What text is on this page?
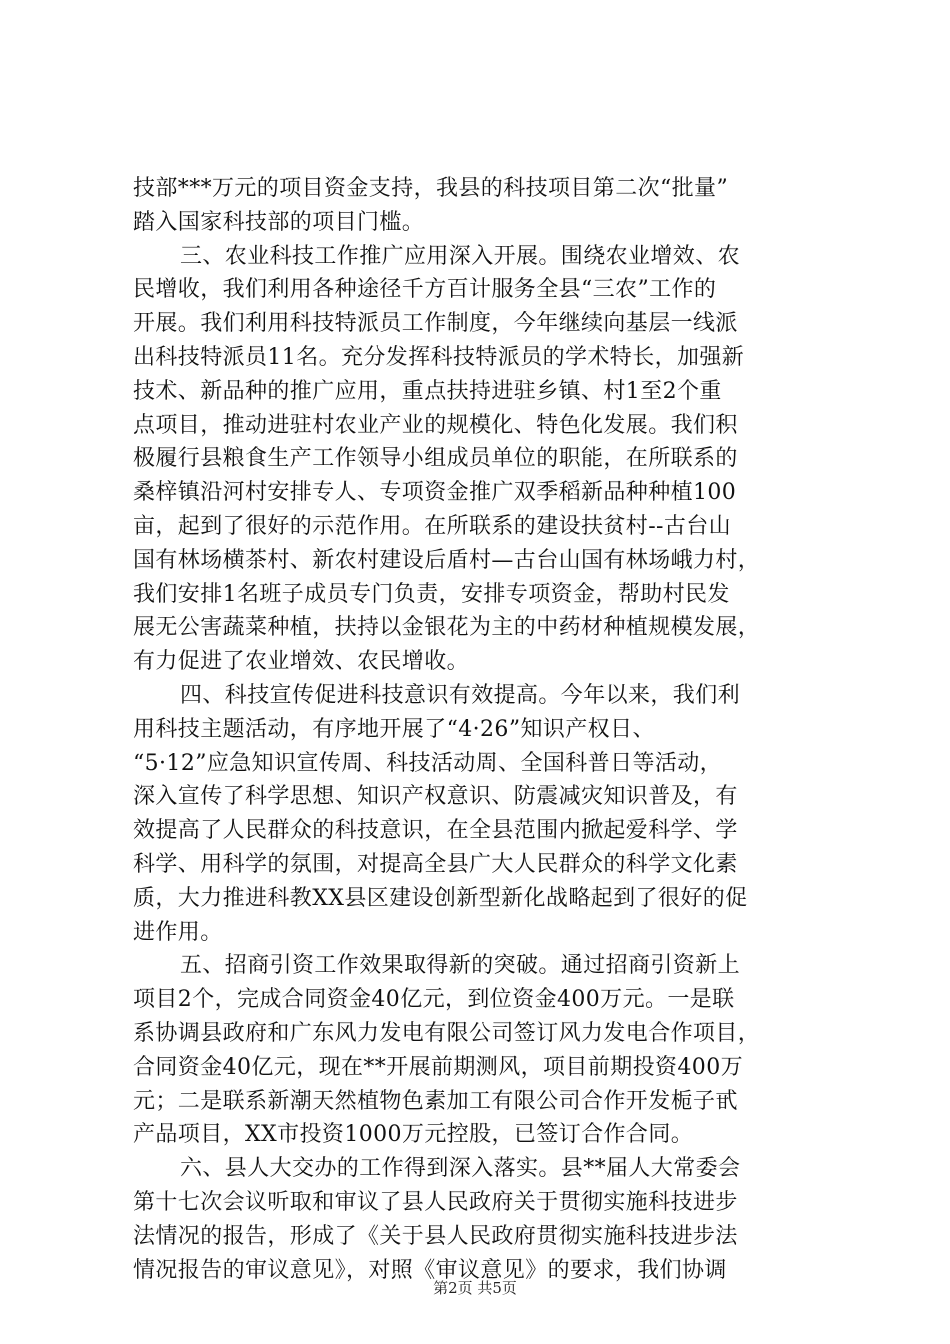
技部***万元的项目资金支持，我县的科技项目第二次“批量”
踏入国家科技部的项目门槛。
三、农业科技工作推广应用深入开展。围绕农业增效、农
民增收，我们利用各种途径千方百计服务全县“三农”工作的
开展。我们利用科技特派员工作制度，今年继续向基层一线派
出科技特派员11名。充分发挥科技特派员的学术特长，加强新
技术、新品种的推广应用，重点扶持进驻乡镇、村1至2个重
点项目，推动进驻村农业产业的规模化、特色化发展。我们积
极履行县粮食生产工作领导小组成员单位的职能，在所联系的
桑梓镇沿河村安排专人、专项资金推广双季稻新品种种植100
亩，起到了很好的示范作用。在所联系的建设扶贫村--古台山
国有林场横茶村、新农村建设后盾村—古台山国有林场峨力村，
我们安排1名班子成员专门负责，安排专项资金，帮助村民发
展无公害蔬菜种植，扶持以金银花为主的中药材种植规模发展，
有力促进了农业增效、农民增收。
四、科技宣传促进科技意识有效提高。今年以来，我们利
用科技主题活动，有序地开展了“4·26”知识产权日、
“5·12”应急知识宣传周、科技活动周、全国科普日等活动，
深入宣传了科学思想、知识产权意识、防震减灾知识普及，有
效提高了人民群众的科技意识，在全县范围内掀起爱科学、学
科学、用科学的氛围，对提高全县广大人民群众的科学文化素
质，大力推进科教XX县区建设创新型新化战略起到了很好的促
进作用。
五、招商引资工作效果取得新的突破。通过招商引资新上
项目2个，完成合同资金40亿元，到位资金400万元。一是联
系协调县政府和广东风力发电有限公司签订风力发电合作项目，
合同资金40亿元，现在**开展前期测风，项目前期投资400万
元；二是联系新潮天然植物色素加工有限公司合作开发栀子甙
产品项目，XX市投资1000万元控股，已签订合作合同。
六、县人大交办的工作得到深入落实。县**届人大常委会
第十七次会议听取和审议了县人民政府关于贯彻实施科技进步
法情况的报告，形成了《关于县人民政府贯彻实施科技进步法
情况报告的审议意见》，对照《审议意见》的要求，我们协调
第2页 共5页
